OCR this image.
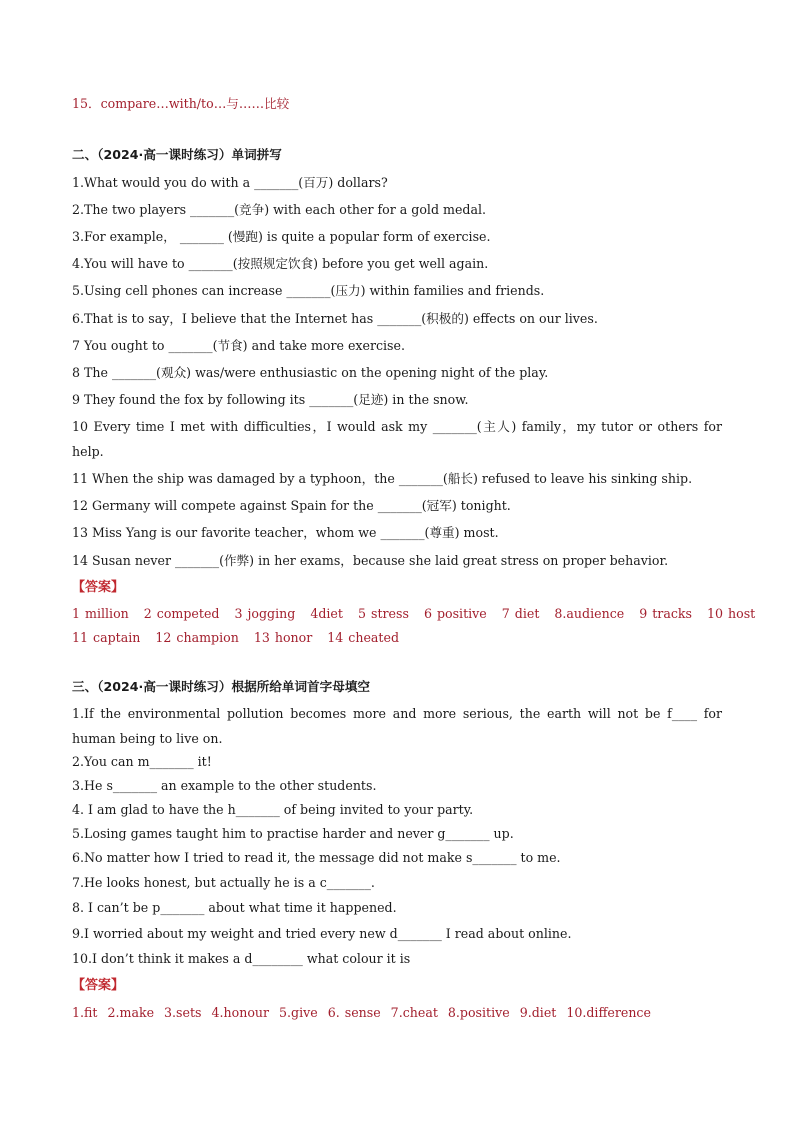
15．compare…with/to…与……比较
二、（2024·高一课时练习）单词拼写
1.What would you do with a _______(百万) dollars?
2.The two players _______(竞争) with each other for a gold medal.
3.For example， _______ (慢跑) is quite a popular form of exercise.
4.You will have to _______(按照规定饮食) before you get well again.
5.Using cell phones can increase _______(压力) within families and friends.
6.That is to say，I believe that the Internet has _______(积极的) effects on our lives.
7 You ought to _______(节食) and take more exercise.
8 The _______(观众) was/were enthusiastic on the opening night of the play.
9 They found the fox by following its _______(足迹) in the snow.
10 Every time I met with difficulties，I would ask my _______(主人) family，my tutor or others for help.
11 When the ship was damaged by a typhoon，the _______(船长) refused to leave his sinking ship.
12 Germany will compete against Spain for the _______(冠军) tonight.
13 Miss Yang is our favorite teacher，whom we _______(尊重) most.
14 Susan never _______(作弊) in her exams，because she laid great stress on proper behavior.
【答案】
1 million 2 competed 3 jogging 4diet 5 stress 6 positive 7 diet 8.audience 9 tracks 10 host
11 captain 12 champion 13 honor 14 cheated
三、（2024·高一课时练习）根据所给单词首字母填空
1.If the environmental pollution becomes more and more serious, the earth will not be f____ for human being to live on.
2.You can m_______ it!
3.He s_______ an example to the other students.
4. I am glad to have the h_______ of being invited to your party.
5.Losing games taught him to practise harder and never g_______ up.
6.No matter how I tried to read it, the message did not make s_______ to me.
7.He looks honest, but actually he is a c_______.
8. I can’t be p_______ about what time it happened.
9.I worried about my weight and tried every new d_______ I read about online.
10.I don’t think it makes a d________ what colour it is
【答案】
1.fit  2.make  3.sets  4.honour  5.give  6. sense  7.cheat  8.positive  9.diet  10.difference
